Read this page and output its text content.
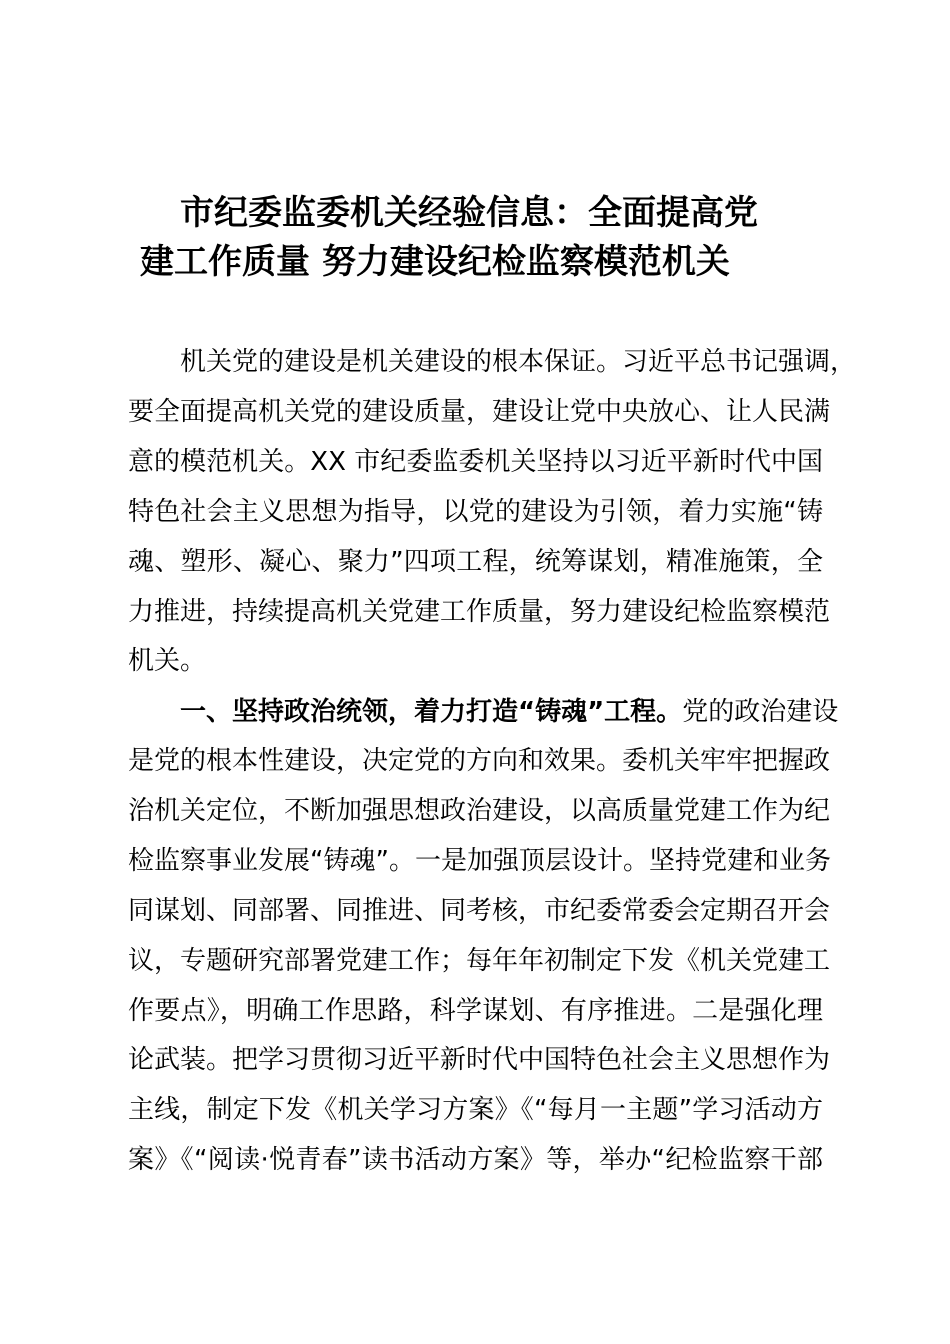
市纪委监委机关经验信息：全面提高党
建工作质量 努力建设纪检监察模范机关
机关党的建设是机关建设的根本保证。习近平总书记强调，
要全面提高机关党的建设质量，建设让党中央放心、让人民满
意的模范机关。XX 市纪委监委机关坚持以习近平新时代中国
特色社会主义思想为指导，以党的建设为引领，着力实施“铸
魂、塑形、凝心、聚力”四项工程，统筹谋划，精准施策，全
力推进，持续提高机关党建工作质量，努力建设纪检监察模范
机关。
一、坚持政治统领，着力打造“铸魂”工程。党的政治建设
是党的根本性建设，决定党的方向和效果。委机关牢牢把握政
治机关定位，不断加强思想政治建设，以高质量党建工作为纪
检监察事业发展“铸魂”。一是加强顶层设计。坚持党建和业务
同谋划、同部署、同推进、同考核，市纪委常委会定期召开会
议，专题研究部署党建工作；每年年初制定下发《机关党建工
作要点》，明确工作思路，科学谋划、有序推进。二是强化理
论武装。把学习贯彻习近平新时代中国特色社会主义思想作为
主线，制定下发《机关学习方案》《“每月一主题”学习活动方
案》《“阅读·悦青春”读书活动方案》等，举办“纪检监察干部
